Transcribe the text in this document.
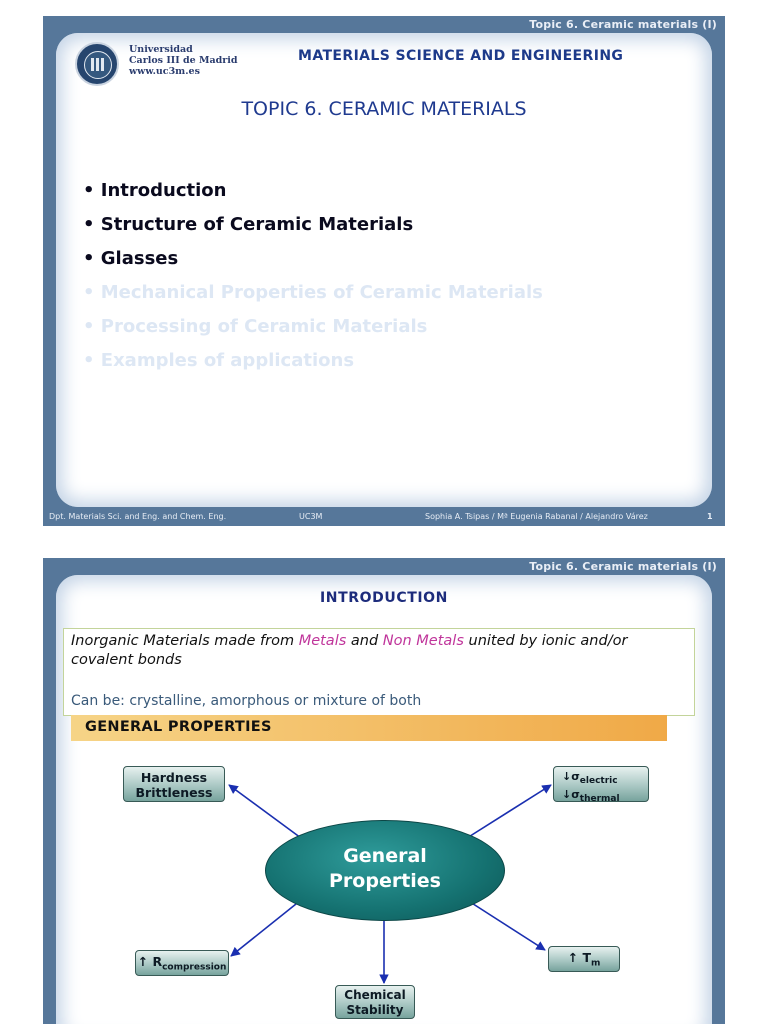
Topic 6. Ceramic materials (I)
Universidad
Carlos III de Madrid
www.uc3m.es
MATERIALS SCIENCE AND ENGINEERING
TOPIC 6. CERAMIC MATERIALS
• Introduction
• Structure of Ceramic Materials
• Glasses
• Mechanical Properties of Ceramic Materials
• Processing of Ceramic Materials
• Examples of applications
Dpt. Materials Sci. and Eng. and Chem. Eng.	UC3M	Sophia A. Tsipas / Mª Eugenia Rabanal / Alejandro Várez	1
Topic 6. Ceramic materials (I)
INTRODUCTION
Inorganic Materials made from Metals and Non Metals united by ionic and/or covalent bonds
Can be: crystalline, amorphous or mixture of both
GENERAL PROPERTIES
Hardness
Brittleness
$↓\sigma_{electric}$
$↓\sigma_{thermal}$
General
Properties
↑ $R_{compression}$
↑ $T_m$
Chemical
Stability
